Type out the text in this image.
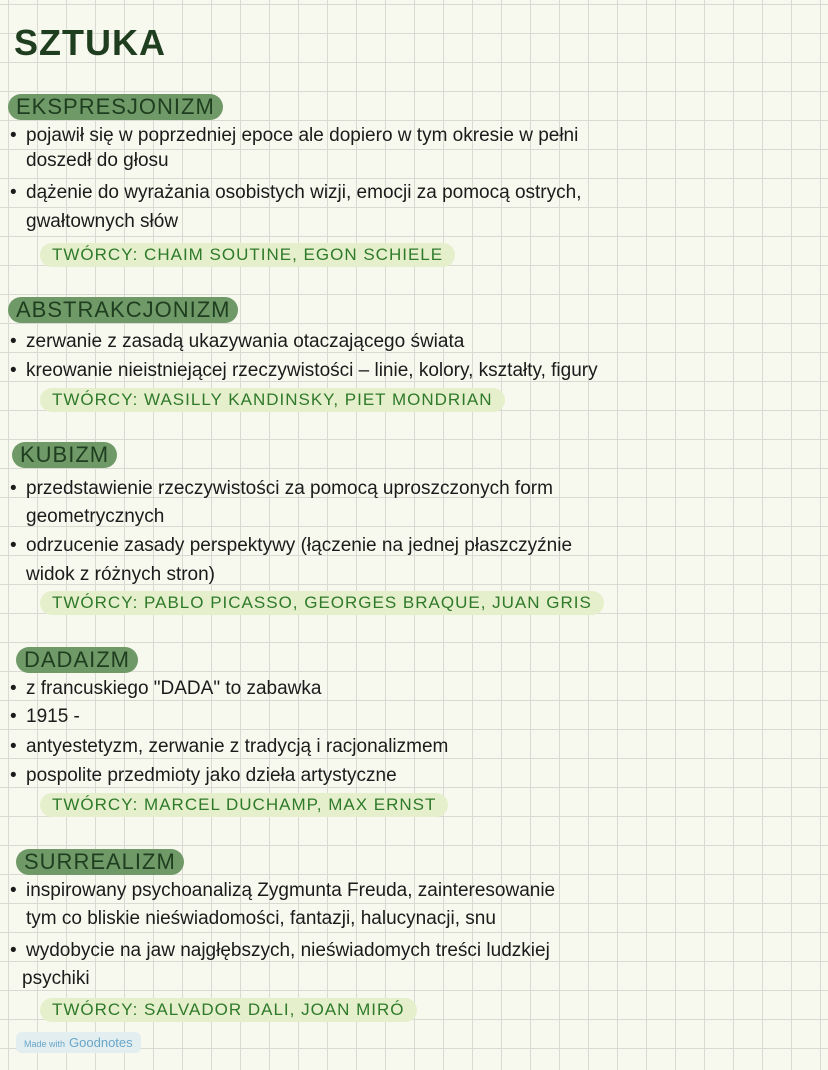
SZTUKA
EKSPRESJONIZM
• pojawił się w poprzedniej epoce ale dopiero w tym okresie w pełni
doszedł do głosu
• dążenie do wyrażania osobistych wizji, emocji za pomocą ostrych,
gwałtownych słów
TWÓRCY: CHAIM SOUTINE, EGON SCHIELE
ABSTRAKCJONIZM
• zerwanie z zasadą ukazywania otaczającego świata
• kreowanie nieistniejącej rzeczywistości – linie, kolory, kształty, figury
TWÓRCY: WASILLY KANDINSKY, PIET MONDRIAN
KUBIZM
• przedstawienie rzeczywistości za pomocą uproszczonych form
geometrycznych
• odrzucenie zasady perspektywy (łączenie na jednej płaszczyźnie
widok z różnych stron)
TWÓRCY: PABLO PICASSO, GEORGES BRAQUE, JUAN GRIS
DADAIZM
• z francuskiego "DADA" to zabawka
• 1915 -
• antyestetyzm, zerwanie z tradycją i racjonalizmem
• pospolite przedmioty jako dzieła artystyczne
TWÓRCY: MARCEL DUCHAMP, MAX ERNST
SURREALIZM
• inspirowany psychoanalizą Zygmunta Freuda, zainteresowanie
tym co bliskie nieświadomości, fantazji, halucynacji, snu
• wydobycie na jaw najgłębszych, nieświadomych treści ludzkiej
psychiki
TWÓRCY: SALVADOR DALI, JOAN MIRÓ
Made with Goodnotes
